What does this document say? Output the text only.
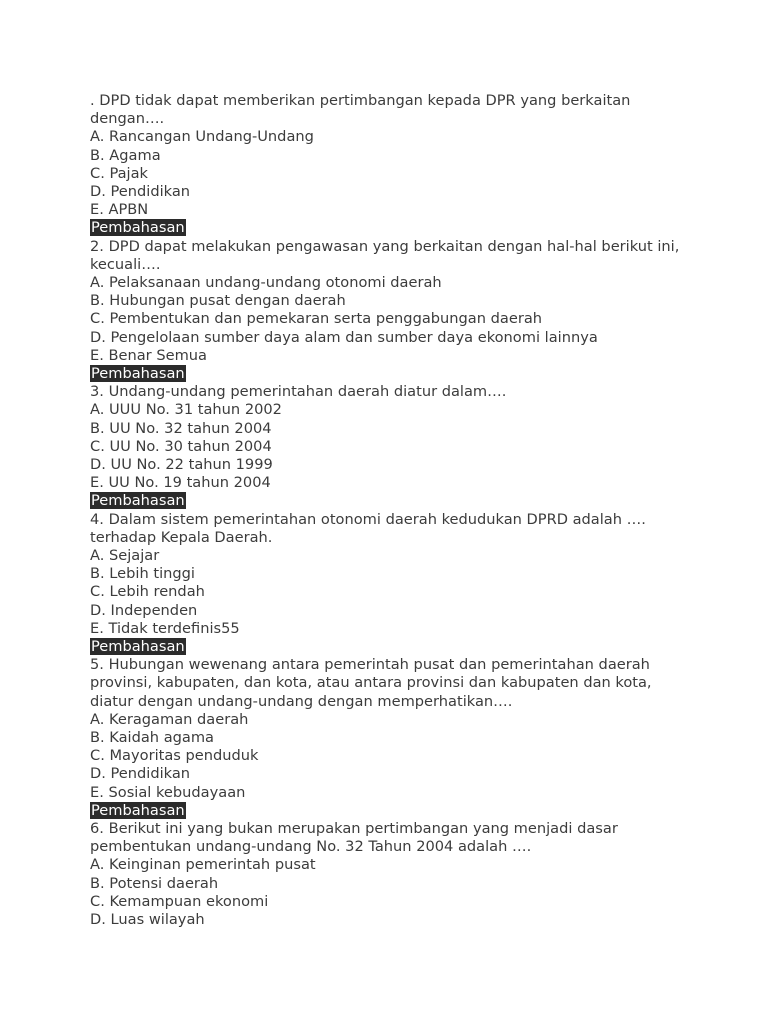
. DPD tidak dapat memberikan pertimbangan kepada DPR yang berkaitan dengan….
A. Rancangan Undang-Undang
B. Agama
C. Pajak
D. Pendidikan
E. APBN
Pembahasan
2. DPD dapat melakukan pengawasan yang berkaitan dengan hal-hal berikut ini, kecuali….
A. Pelaksanaan undang-undang otonomi daerah
B. Hubungan pusat dengan daerah
C. Pembentukan dan pemekaran serta penggabungan daerah
D. Pengelolaan sumber daya alam dan sumber daya ekonomi lainnya
E. Benar Semua
Pembahasan
3. Undang-undang pemerintahan daerah diatur dalam….
A. UUU No. 31 tahun 2002
B. UU No. 32 tahun 2004
C. UU No. 30 tahun 2004
D. UU No. 22 tahun 1999
E. UU No. 19 tahun 2004
Pembahasan
4. Dalam sistem pemerintahan otonomi daerah kedudukan DPRD adalah …. terhadap Kepala Daerah.
A. Sejajar
B. Lebih tinggi
C. Lebih rendah
D. Independen
E. Tidak terdefinis55
Pembahasan
5. Hubungan wewenang antara pemerintah pusat dan pemerintahan daerah provinsi, kabupaten, dan kota, atau antara provinsi dan kabupaten dan kota, diatur dengan undang-undang dengan memperhatikan….
A. Keragaman daerah
B. Kaidah agama
C. Mayoritas penduduk
D. Pendidikan
E. Sosial kebudayaan
Pembahasan
6. Berikut ini yang bukan merupakan pertimbangan yang menjadi dasar pembentukan undang-undang No. 32 Tahun 2004 adalah ….
A. Keinginan pemerintah pusat
B. Potensi daerah
C. Kemampuan ekonomi
D. Luas wilayah
